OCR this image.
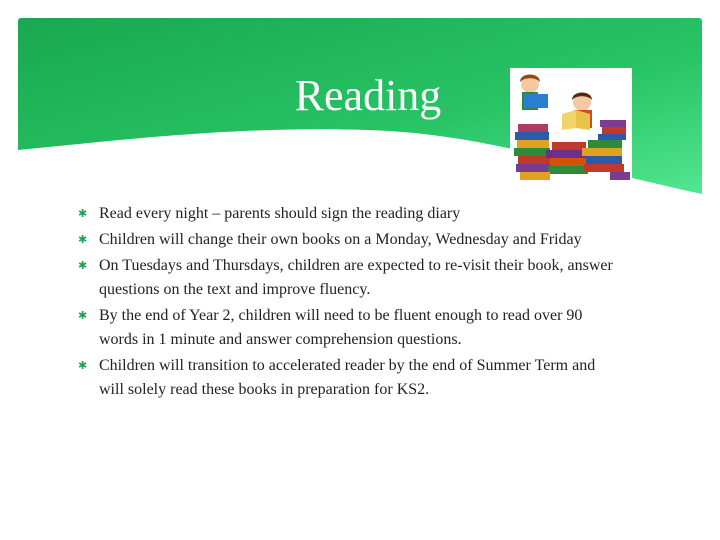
Reading
✱ Read every night – parents should sign the reading diary
✱ Children will change their own books on a Monday, Wednesday and Friday
✱ On Tuesdays and Thursdays, children are expected to re-visit their book, answer questions on the text and improve fluency.
✱ By the end of Year 2, children will need to be fluent enough to read over 90 words in 1 minute and answer comprehension questions.
✱ Children will transition to accelerated reader by the end of Summer Term and will solely read these books in preparation for KS2.
